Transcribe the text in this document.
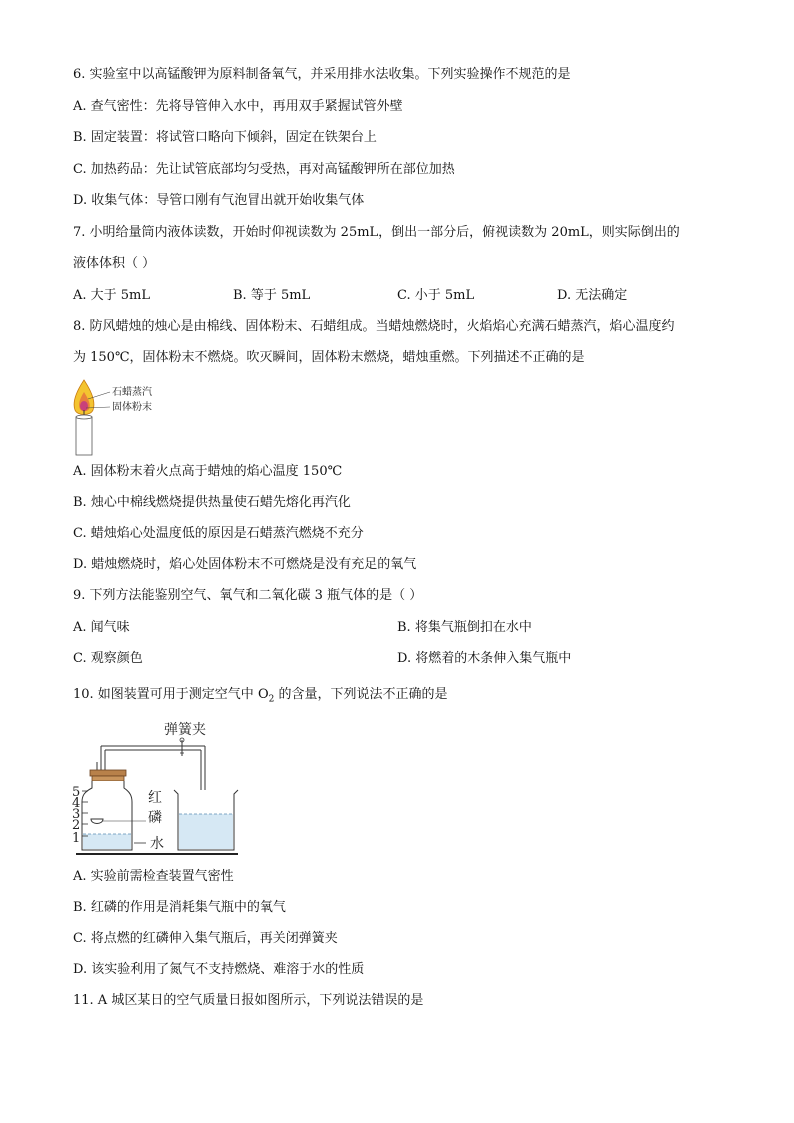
6. 实验室中以高锰酸钾为原料制备氧气，并采用排水法收集。下列实验操作不规范的是
A. 查气密性：先将导管伸入水中，再用双手紧握试管外壁
B. 固定装置：将试管口略向下倾斜，固定在铁架台上
C. 加热药品：先让试管底部均匀受热，再对高锰酸钾所在部位加热
D. 收集气体：导管口刚有气泡冒出就开始收集气体
7. 小明给量筒内液体读数，开始时仰视读数为 25mL，倒出一部分后，俯视读数为 20mL，则实际倒出的
液体体积（ ）
A. 大于 5mL	B. 等于 5mL	C. 小于 5mL	D. 无法确定
8. 防风蜡烛的烛心是由棉线、固体粉末、石蜡组成。当蜡烛燃烧时，火焰焰心充满石蜡蒸汽，焰心温度约
为 150℃，固体粉末不燃烧。吹灭瞬间，固体粉末燃烧，蜡烛重燃。下列描述不正确的是
石蜡蒸汽
固体粉末
A. 固体粉末着火点高于蜡烛的焰心温度 150℃
B. 烛心中棉线燃烧提供热量使石蜡先熔化再汽化
C. 蜡烛焰心处温度低的原因是石蜡蒸汽燃烧不充分
D. 蜡烛燃烧时，焰心处固体粉末不可燃烧是没有充足的氧气
9. 下列方法能鉴别空气、氧气和二氧化碳 3 瓶气体的是（ ）
A. 闻气味	B. 将集气瓶倒扣在水中
C. 观察颜色	D. 将燃着的木条伸入集气瓶中
10. 如图装置可用于测定空气中 $O_2$ 的含量，下列说法不正确的是
弹簧夹
5
4
3
2
1
红
磷
水
A. 实验前需检查装置气密性
B. 红磷的作用是消耗集气瓶中的氧气
C. 将点燃的红磷伸入集气瓶后，再关闭弹簧夹
D. 该实验利用了氮气不支持燃烧、难溶于水的性质
11. A 城区某日的空气质量日报如图所示，下列说法错误的是
